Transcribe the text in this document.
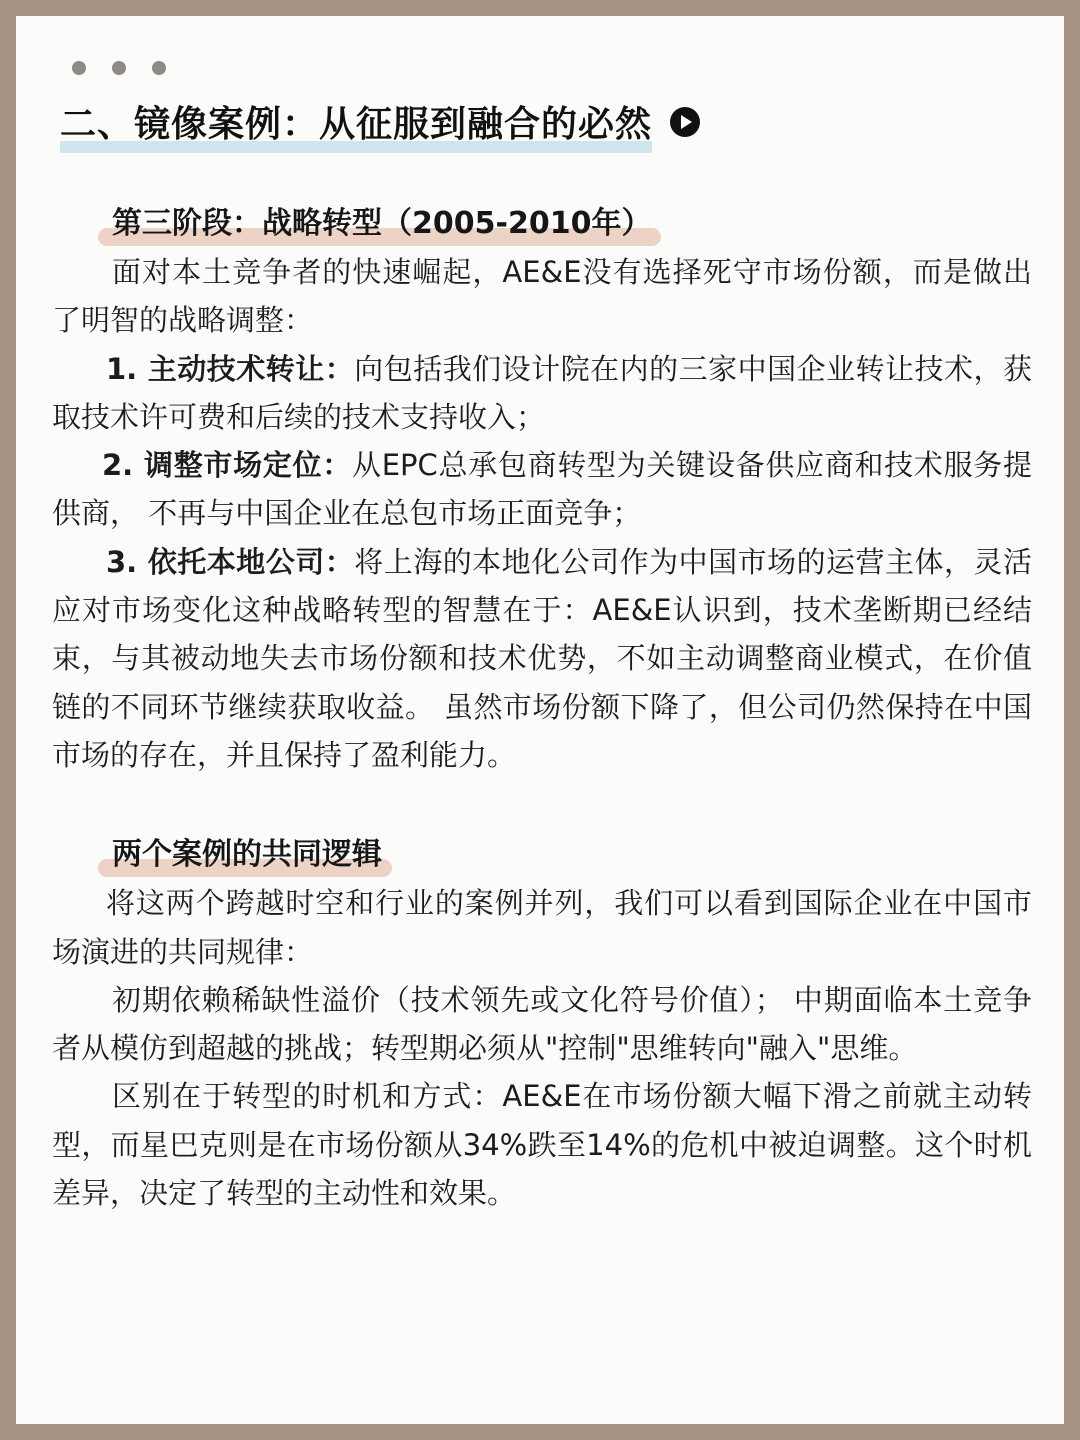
二、镜像案例：从征服到融合的必然
第三阶段：战略转型（2005-2010年）

面对本土竞争者的快速崛起，AE&E没有选择死守市场份额，而是做出了明智的战略调整：

1. 主动技术转让：向包括我们设计院在内的三家中国企业转让技术，获取技术许可费和后续的技术支持收入；

2. 调整市场定位：从EPC总承包商转型为关键设备供应商和技术服务提供商， 不再与中国企业在总包市场正面竞争；

3. 依托本地公司：将上海的本地化公司作为中国市场的运营主体，灵活应对市场变化这种战略转型的智慧在于：AE&E认识到，技术垄断期已经结束，与其被动地失去市场份额和技术优势，不如主动调整商业模式，在价值链的不同环节继续获取收益。 虽然市场份额下降了，但公司仍然保持在中国市场的存在，并且保持了盈利能力。

两个案例的共同逻辑

将这两个跨越时空和行业的案例并列，我们可以看到国际企业在中国市场演进的共同规律：

初期依赖稀缺性溢价（技术领先或文化符号价值）； 中期面临本土竞争者从模仿到超越的挑战；转型期必须从"控制"思维转向"融入"思维。

区别在于转型的时机和方式：AE&E在市场份额大幅下滑之前就主动转型，而星巴克则是在市场份额从34%跌至14%的危机中被迫调整。这个时机差异，决定了转型的主动性和效果。
